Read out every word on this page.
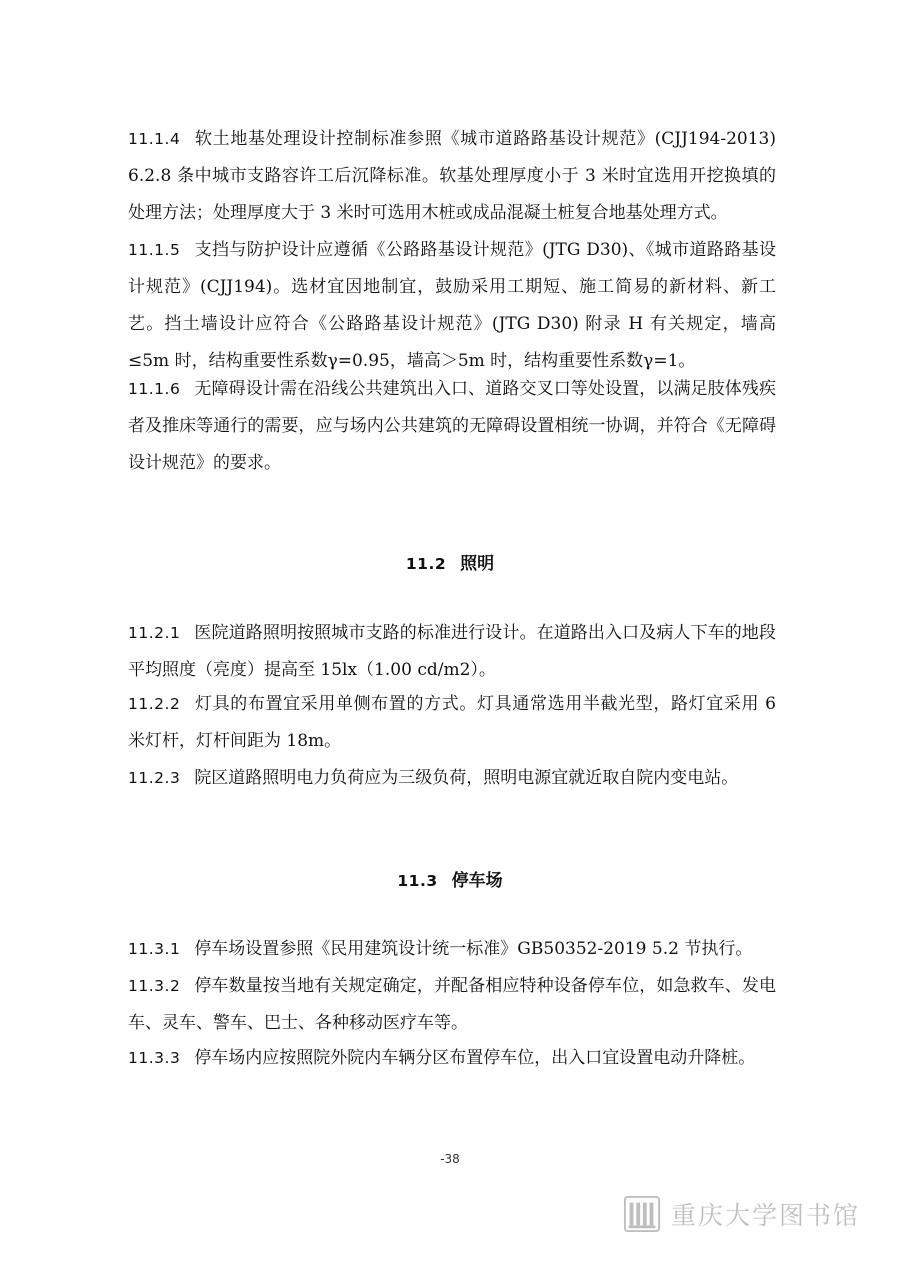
11.1.4 软土地基处理设计控制标准参照《城市道路路基设计规范》(CJJ194-2013) 6.2.8 条中城市支路容许工后沉降标准。软基处理厚度小于 3 米时宜选用开挖换填的处理方法；处理厚度大于 3 米时可选用木桩或成品混凝土桩复合地基处理方式。

11.1.5 支挡与防护设计应遵循《公路路基设计规范》(JTG D30)、《城市道路路基设计规范》(CJJ194)。选材宜因地制宜，鼓励采用工期短、施工简易的新材料、新工艺。挡土墙设计应符合《公路路基设计规范》(JTG D30) 附录 H 有关规定，墙高≤5m 时，结构重要性系数γ=0.95，墙高＞5m 时，结构重要性系数γ=1。

11.1.6 无障碍设计需在沿线公共建筑出入口、道路交叉口等处设置，以满足肢体残疾者及推床等通行的需要，应与场内公共建筑的无障碍设置相统一协调，并符合《无障碍设计规范》的要求。

11.2 照明

11.2.1 医院道路照明按照城市支路的标准进行设计。在道路出入口及病人下车的地段平均照度（亮度）提高至 15lx（1.00 cd/m2）。

11.2.2 灯具的布置宜采用单侧布置的方式。灯具通常选用半截光型，路灯宜采用 6 米灯杆，灯杆间距为 18m。

11.2.3 院区道路照明电力负荷应为三级负荷，照明电源宜就近取自院内变电站。

11.3 停车场

11.3.1 停车场设置参照《民用建筑设计统一标准》GB50352-2019 5.2 节执行。

11.3.2 停车数量按当地有关规定确定，并配备相应特种设备停车位，如急救车、发电车、灵车、警车、巴士、各种移动医疗车等。

11.3.3 停车场内应按照院外院内车辆分区布置停车位，出入口宜设置电动升降桩。

-38
重庆大学图书馆
